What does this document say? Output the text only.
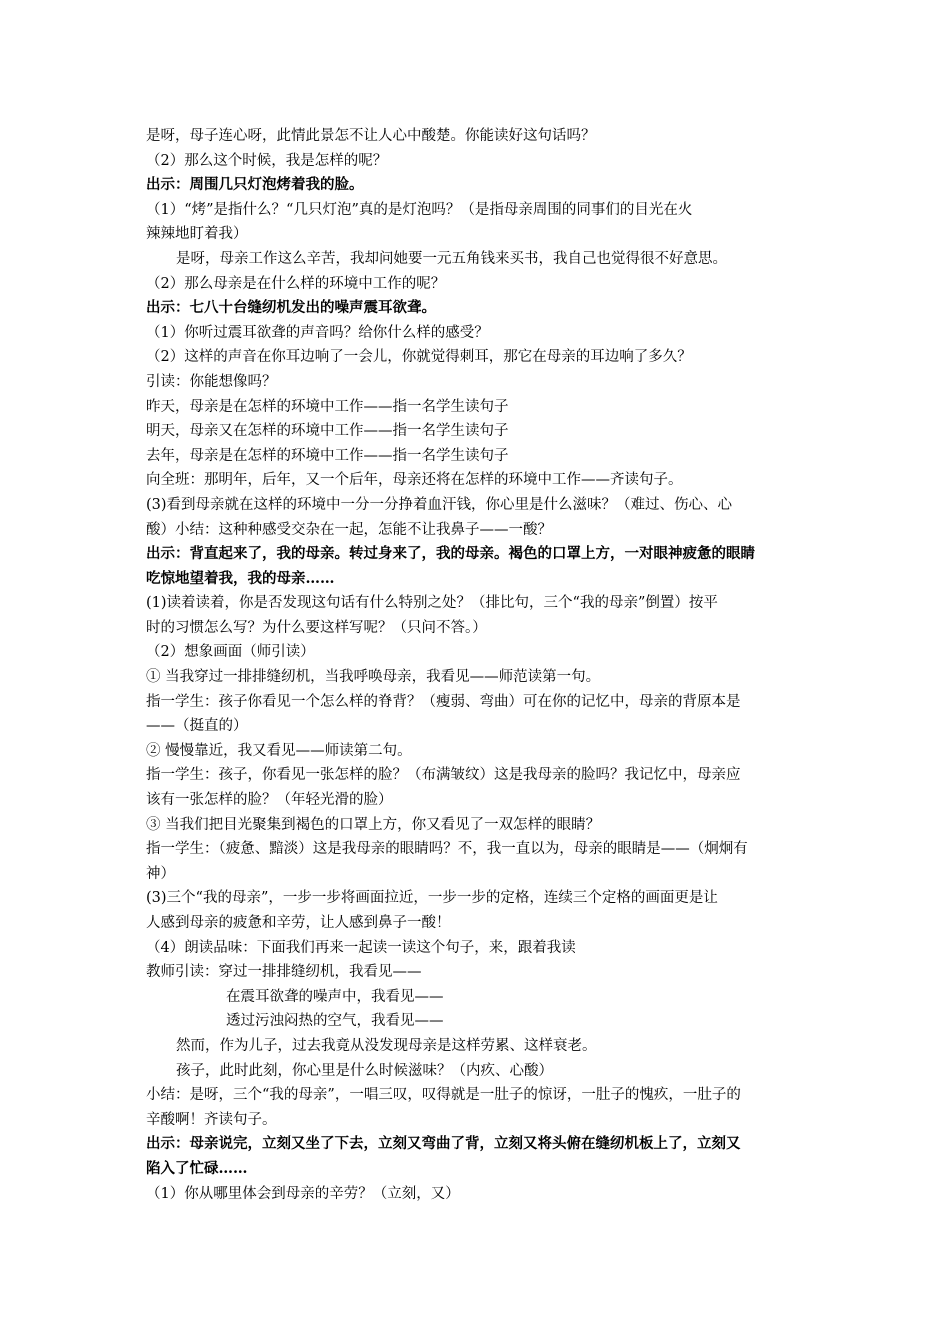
是呀，母子连心呀，此情此景怎不让人心中酸楚。你能读好这句话吗？
（2）那么这个时候，我是怎样的呢？
出示：周围几只灯泡烤着我的脸。
（1）“烤”是指什么？“几只灯泡”真的是灯泡吗？（是指母亲周围的同事们的目光在火
辣辣地盯着我）
是呀，母亲工作这么辛苦，我却问她要一元五角钱来买书，我自己也觉得很不好意思。
（2）那么母亲是在什么样的环境中工作的呢？
出示：七八十台缝纫机发出的噪声震耳欲聋。
（1）你听过震耳欲聋的声音吗？给你什么样的感受？
（2）这样的声音在你耳边响了一会儿，你就觉得刺耳，那它在母亲的耳边响了多久？
引读：你能想像吗？
昨天，母亲是在怎样的环境中工作——指一名学生读句子
明天，母亲又在怎样的环境中工作——指一名学生读句子
去年，母亲是在怎样的环境中工作——指一名学生读句子
向全班：那明年，后年，又一个后年，母亲还将在怎样的环境中工作——齐读句子。
(3)看到母亲就在这样的环境中一分一分挣着血汗钱，你心里是什么滋味？（难过、伤心、心
酸）小结：这种种感受交杂在一起，怎能不让我鼻子——一酸？
出示：背直起来了，我的母亲。转过身来了，我的母亲。褐色的口罩上方，一对眼神疲惫的眼睛
吃惊地望着我，我的母亲……
(1)读着读着，你是否发现这句话有什么特别之处？（排比句，三个“我的母亲”倒置）按平
时的习惯怎么写？为什么要这样写呢？（只问不答。）
（2）想象画面（师引读）
① 当我穿过一排排缝纫机，当我呼唤母亲，我看见——师范读第一句。
指一学生：孩子你看见一个怎么样的脊背？（瘦弱、弯曲）可在你的记忆中，母亲的背原本是
——（挺直的）
② 慢慢靠近，我又看见——师读第二句。
指一学生：孩子，你看见一张怎样的脸？（布满皱纹）这是我母亲的脸吗？我记忆中，母亲应
该有一张怎样的脸？（年轻光滑的脸）
③ 当我们把目光聚集到褐色的口罩上方，你又看见了一双怎样的眼睛？
指一学生：（疲惫、黯淡）这是我母亲的眼睛吗？不，我一直以为，母亲的眼睛是——（炯炯有
神）
(3)三个“我的母亲”，一步一步将画面拉近，一步一步的定格，连续三个定格的画面更是让
人感到母亲的疲惫和辛劳，让人感到鼻子一酸！
（4）朗读品味：下面我们再来一起读一读这个句子，来，跟着我读
教师引读：穿过一排排缝纫机，我看见——
在震耳欲聋的噪声中，我看见——
透过污浊闷热的空气，我看见——
然而，作为儿子，过去我竟从没发现母亲是这样劳累、这样衰老。
孩子，此时此刻，你心里是什么时候滋味？（内疚、心酸）
小结：是呀，三个“我的母亲”，一唱三叹，叹得就是一肚子的惊讶，一肚子的愧疚，一肚子的
辛酸啊！齐读句子。
出示：母亲说完，立刻又坐了下去，立刻又弯曲了背，立刻又将头俯在缝纫机板上了，立刻又
陷入了忙碌……
（1）你从哪里体会到母亲的辛劳？（立刻，又）
